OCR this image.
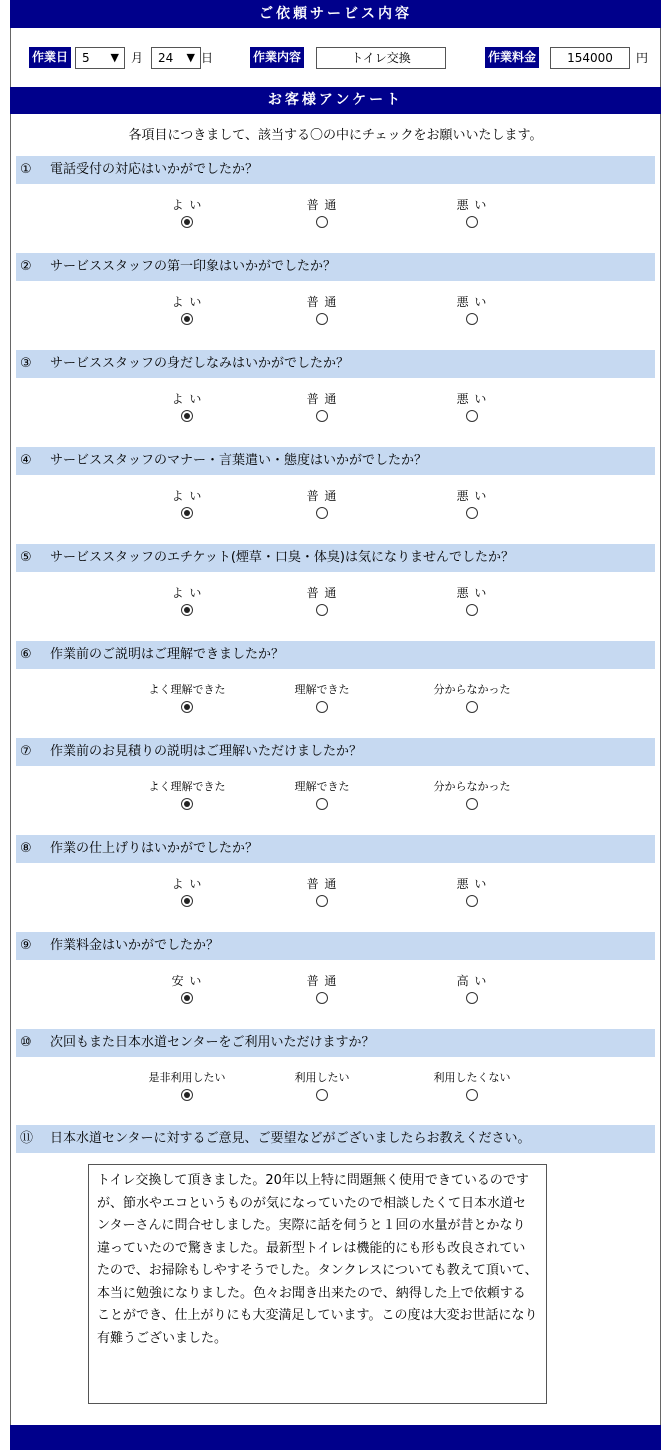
ご依頼サービス内容
作業日	5 ▼ 月	24 ▼ 日	作業内容	トイレ交換	作業料金	154000	円
お客様アンケート
各項目につきまして、該当する〇の中にチェックをお願いいたします。
① 電話受付の対応はいかがでしたか？
よ い	普 通	悪 い
② サービススタッフの第一印象はいかがでしたか？
よ い	普 通	悪 い
③ サービススタッフの身だしなみはいかがでしたか？
よ い	普 通	悪 い
④ サービススタッフのマナー・言葉遣い・態度はいかがでしたか？
よ い	普 通	悪 い
⑤ サービススタッフのエチケット(煙草・口臭・体臭)は気になりませんでしたか？
よ い	普 通	悪 い
⑥ 作業前のご説明はご理解できましたか？
よく理解できた	理解できた	分からなかった
⑦ 作業前のお見積りの説明はご理解いただけましたか？
よく理解できた	理解できた	分からなかった
⑧ 作業の仕上げりはいかがでしたか？
よ い	普 通	悪 い
⑨ 作業料金はいかがでしたか？
安 い	普 通	高 い
⑩ 次回もまた日本水道センターをご利用いただけますか？
是非利用したい	利用したい	利用したくない
⑪ 日本水道センターに対するご意見、ご要望などがございましたらお教えください。
トイレ交換して頂きました。20年以上特に問題無く使用できているのですが、節水やエコというものが気になっていたので相談したくて日本水道センターさんに問合せしました。実際に話を伺うと１回の水量が昔とかなり違っていたので驚きました。最新型トイレは機能的にも形も改良されていたので、お掃除もしやすそうでした。タンクレスについても教えて頂いて、本当に勉強になりました。色々お聞き出来たので、納得した上で依頼することができ、仕上がりにも大変満足しています。この度は大変お世話になり有難うございました。
